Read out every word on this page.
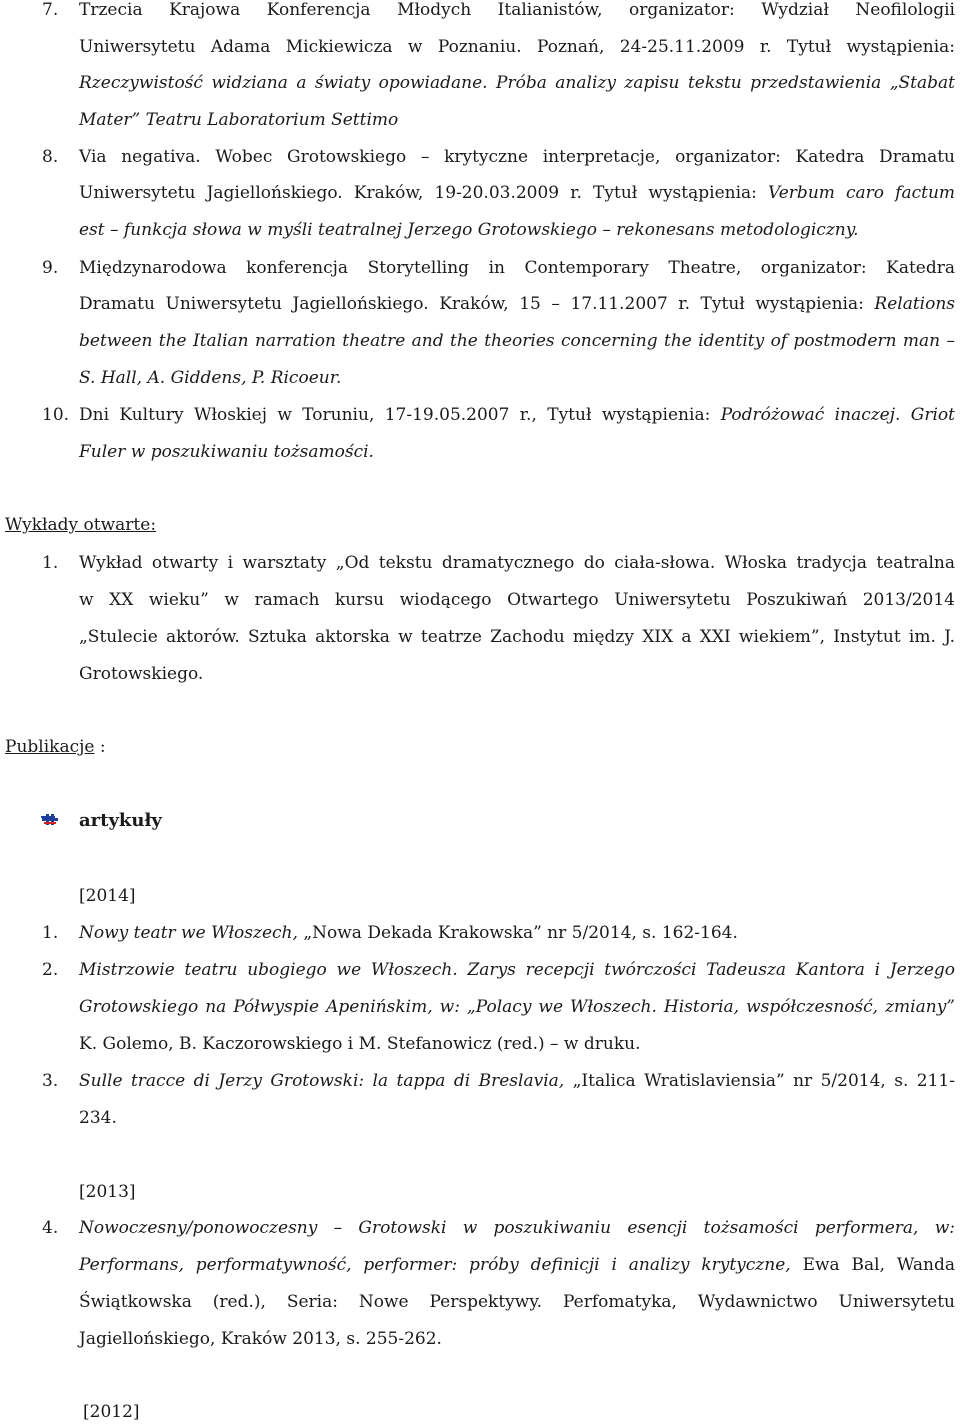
7. Trzecia Krajowa Konferencja Młodych Italianistów, organizator: Wydział Neofilologii
Uniwersytetu Adama Mickiewicza w Poznaniu. Poznań, 24-25.11.2009 r. Tytuł wystąpienia:
Rzeczywistość widziana a światy opowiadane. Próba analizy zapisu tekstu przedstawienia „Stabat
Mater” Teatru Laboratorium Settimo
8. Via negativa. Wobec Grotowskiego – krytyczne interpretacje, organizator: Katedra Dramatu
Uniwersytetu Jagiellońskiego. Kraków, 19-20.03.2009 r. Tytuł wystąpienia: Verbum caro factum
est – funkcja słowa w myśli teatralnej Jerzego Grotowskiego – rekonesans metodologiczny.
9. Międzynarodowa konferencja Storytelling in Contemporary Theatre, organizator: Katedra
Dramatu Uniwersytetu Jagiellońskiego. Kraków, 15 – 17.11.2007 r. Tytuł wystąpienia: Relations
between the Italian narration theatre and the theories concerning the identity of postmodern man –
S. Hall, A. Giddens, P. Ricoeur.
10. Dni Kultury Włoskiej w Toruniu, 17-19.05.2007 r., Tytuł wystąpienia: Podróżować inaczej. Griot
Fuler w poszukiwaniu tożsamości.
Wykłady otwarte:
1. Wykład otwarty i warsztaty „Od tekstu dramatycznego do ciała-słowa. Włoska tradycja teatralna
w XX wieku” w ramach kursu wiodącego Otwartego Uniwersytetu Poszukiwań 2013/2014
„Stulecie aktorów. Sztuka aktorska w teatrze Zachodu między XIX a XXI wiekiem”, Instytut im. J.
Grotowskiego.
Publikacje :
artykuły
[2014]
1. Nowy teatr we Włoszech, „Nowa Dekada Krakowska” nr 5/2014, s. 162-164.
2. Mistrzowie teatru ubogiego we Włoszech. Zarys recepcji twórczości Tadeusza Kantora i Jerzego
Grotowskiego na Półwyspie Apenińskim, w: „Polacy we Włoszech. Historia, współczesność, zmiany”
K. Golemo, B. Kaczorowskiego i M. Stefanowicz (red.) – w druku.
3. Sulle tracce di Jerzy Grotowski: la tappa di Breslavia, „Italica Wratislaviensia” nr 5/2014, s. 211-
234.
[2013]
4. Nowoczesny/ponowoczesny – Grotowski w poszukiwaniu esencji tożsamości performera, w:
Performans, performatywność, performer: próby definicji i analizy krytyczne, Ewa Bal, Wanda
Świątkowska (red.), Seria: Nowe Perspektywy. Perfomatyka, Wydawnictwo Uniwersytetu
Jagiellońskiego, Kraków 2013, s. 255-262.
[2012]
